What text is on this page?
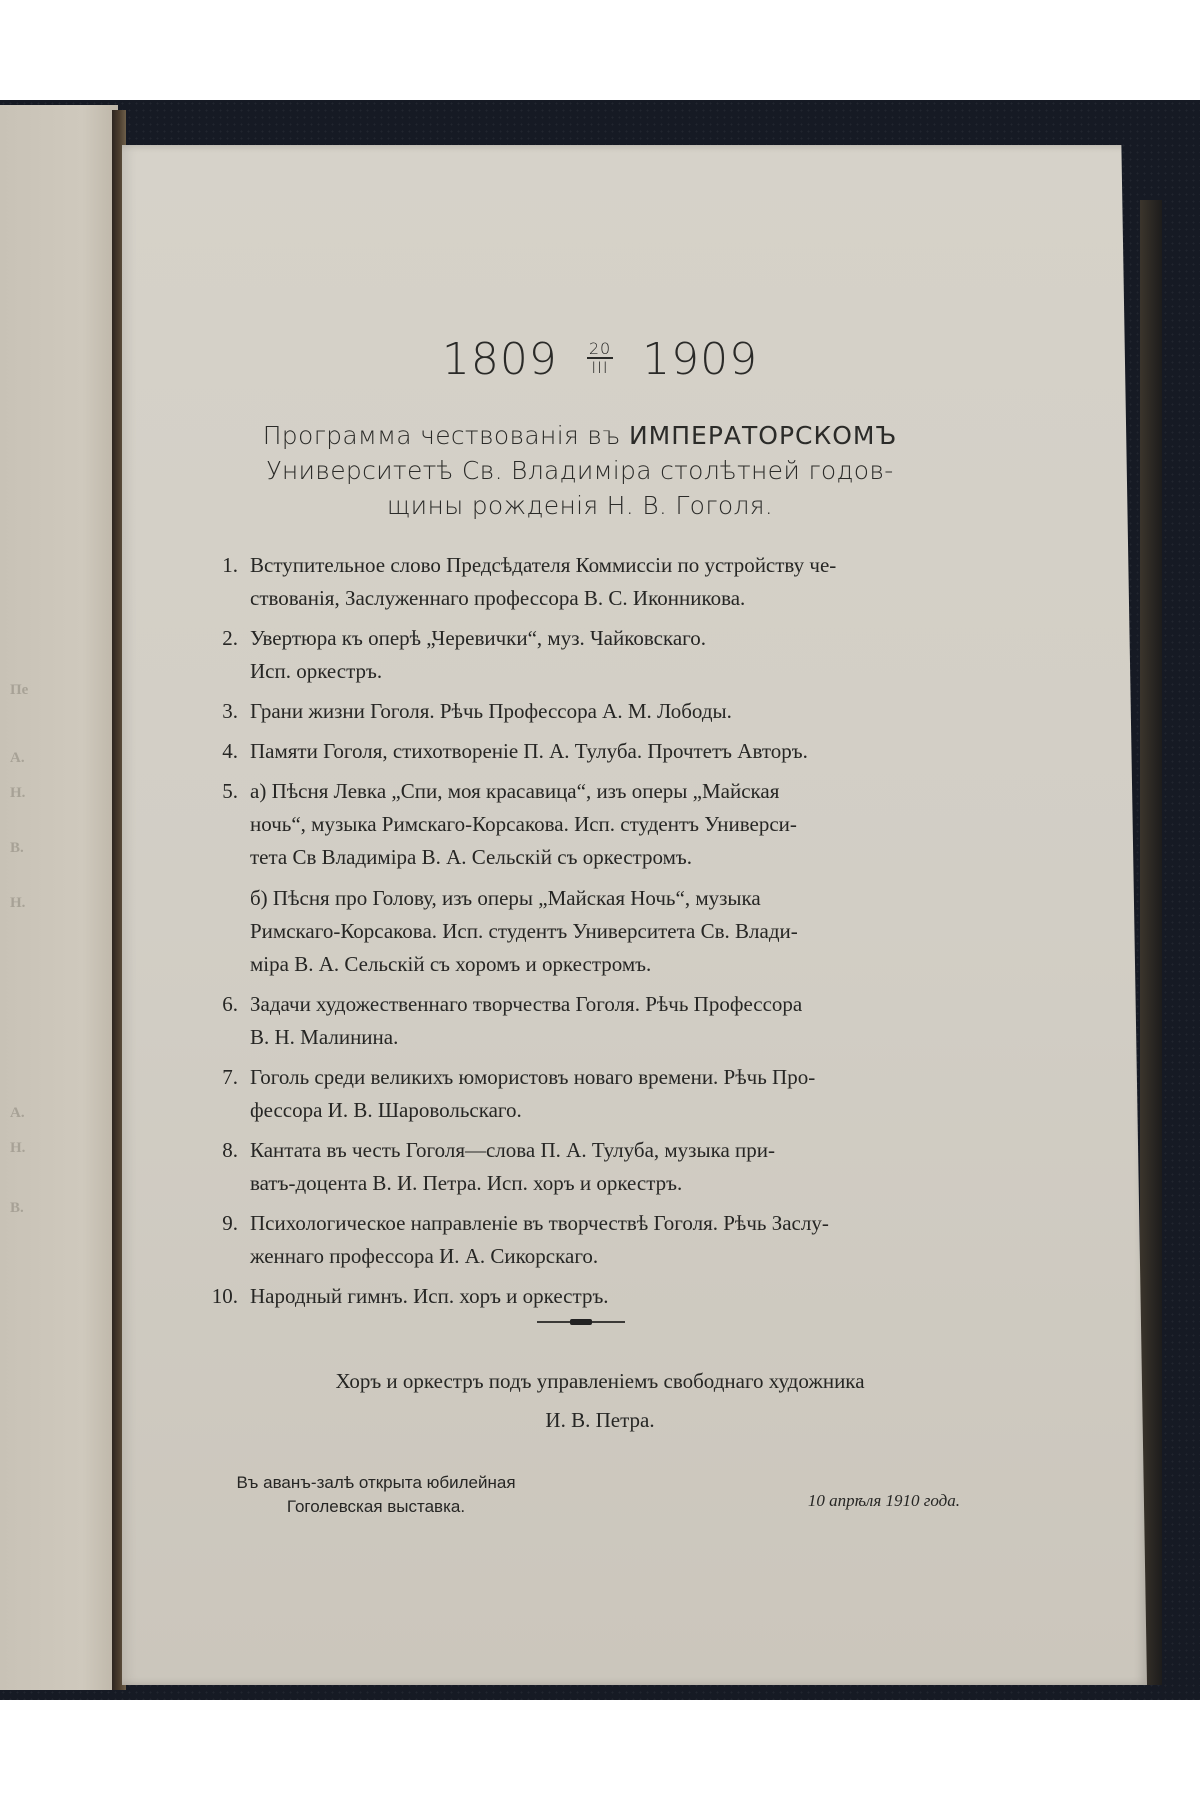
Пе
А.
Н.
В.
Н.
А.
Н.
В.
$1809 \frac{20}{\text{III}} 1909$
Программа чествованія въ ИМПЕРАТОРСКОМЪ
Университетѣ Св. Владиміра столѣтней годов-
щины рожденія Н. В. Гоголя.
1. Вступительное слово Предсѣдателя Коммиссіи по устройству че-
ствованія, Заслуженнаго профессора В. С. Иконникова.
2. Увертюра къ оперѣ „Черевички“, муз. Чайковскаго.
Исп. оркестръ.
3. Грани жизни Гоголя. Рѣчь Профессора А. М. Лободы.
4. Памяти Гоголя, стихотвореніе П. А. Тулуба. Прочтетъ Авторъ.
5. а) Пѣсня Левка „Спи, моя красавица“, изъ оперы „Майская
ночь“, музыка Римскаго-Корсакова. Исп. студентъ Универси-
тета Св Владиміра В. А. Сельскій съ оркестромъ.
б) Пѣсня про Голову, изъ оперы „Майская Ночь“, музыка
Римскаго-Корсакова. Исп. студентъ Университета Св. Влади-
міра В. А. Сельскій съ хоромъ и оркестромъ.
6. Задачи художественнаго творчества Гоголя. Рѣчь Профессора
В. Н. Малинина.
7. Гоголь среди великихъ юмористовъ новаго времени. Рѣчь Про-
фессора И. В. Шаровольскаго.
8. Кантата въ честь Гоголя—слова П. А. Тулуба, музыка при-
ватъ-доцента В. И. Петра. Исп. хоръ и оркестръ.
9. Психологическое направленіе въ творчествѣ Гоголя. Рѣчь Заслу-
женнаго профессора И. А. Сикорскаго.
10. Народный гимнъ. Исп. хоръ и оркестръ.
Хоръ и оркестръ подъ управленіемъ свободнаго художника
И. В. Петра.
Въ аванъ-залѣ открыта юбилейная
Гоголевская выставка.	10 апрѣля 1910 года.
